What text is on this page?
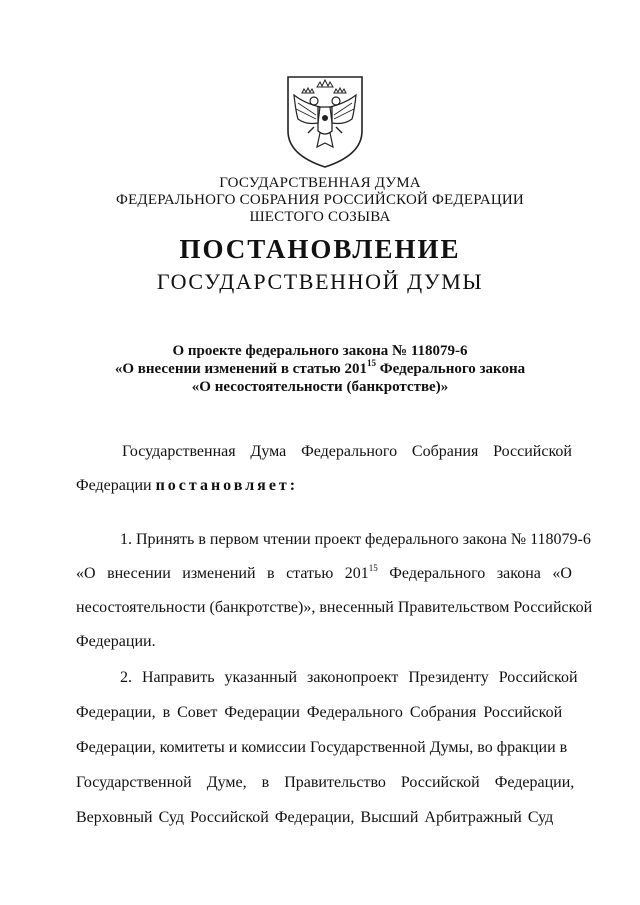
ГОСУДАРСТВЕННАЯ ДУМА
ФЕДЕРАЛЬНОГО СОБРАНИЯ РОССИЙСКОЙ ФЕДЕРАЦИИ
ШЕСТОГО СОЗЫВА
ПОСТАНОВЛЕНИЕ
ГОСУДАРСТВЕННОЙ ДУМЫ
О проекте федерального закона № 118079-6
«О внесении изменений в статью $201^{15}$ Федерального закона
«О несостоятельности (банкротстве)»
Государственная Дума Федерального Собрания Российской
Федерации постановляет:
1. Принять в первом чтении проект федерального закона № 118079-6
«О внесении изменений в статью $201^{15}$ Федерального закона «О
несостоятельности (банкротстве)», внесенный Правительством Российской
Федерации.
2. Направить указанный законопроект Президенту Российской
Федерации, в Совет Федерации Федерального Собрания Российской
Федерации, комитеты и комиссии Государственной Думы, во фракции в
Государственной Думе, в Правительство Российской Федерации,
Верховный Суд Российской Федерации, Высший Арбитражный Суд
